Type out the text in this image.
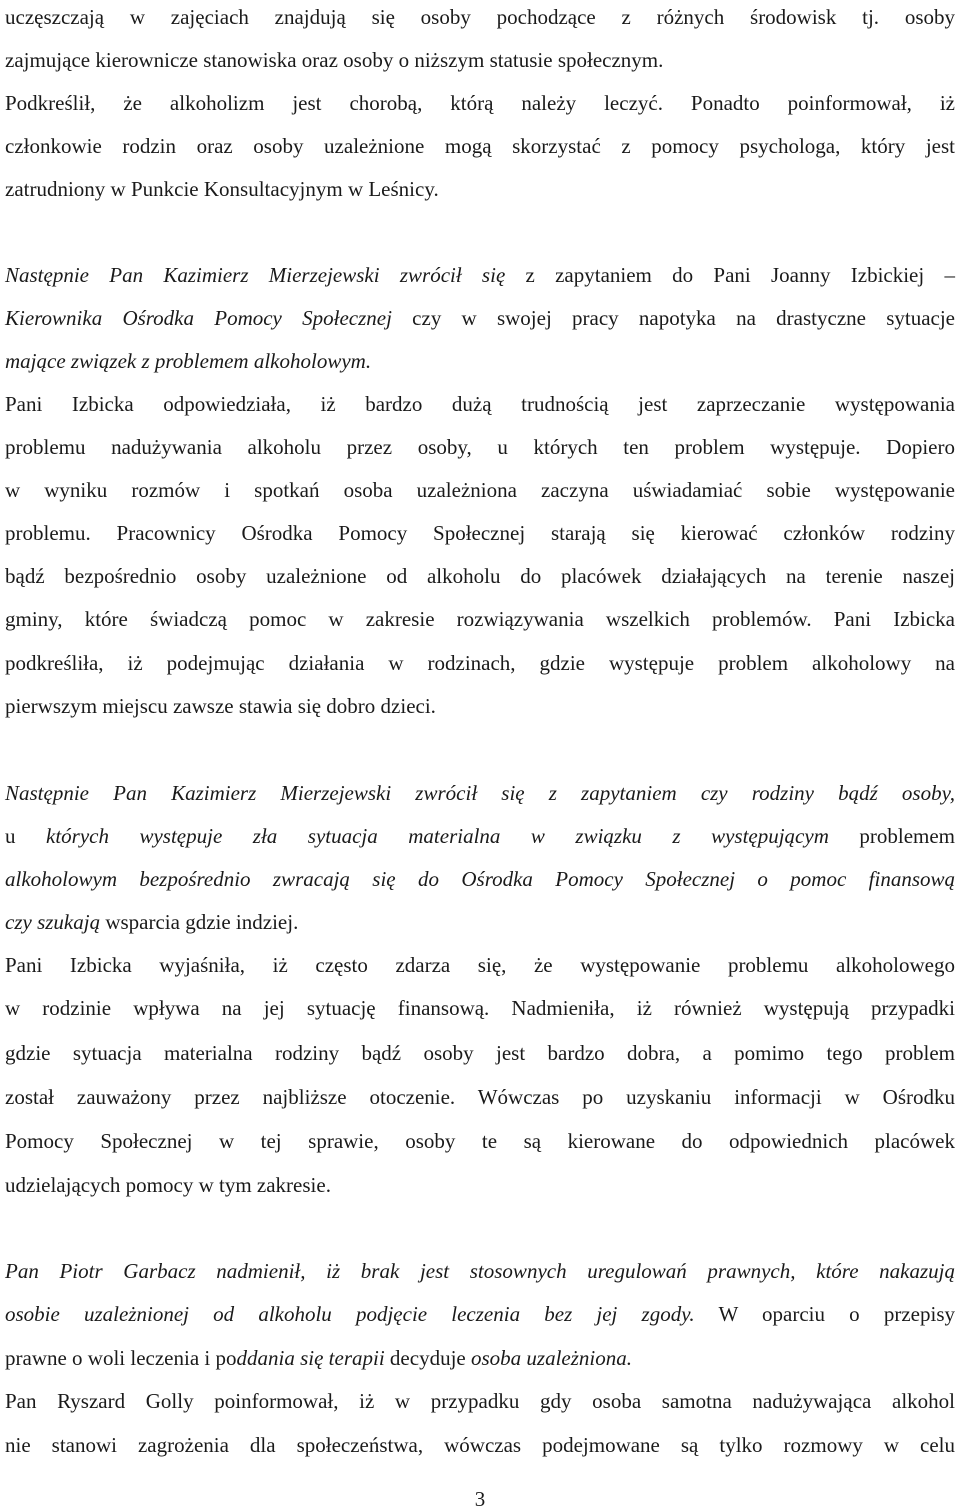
uczęszczają w zajęciach znajdują się osoby pochodzące z różnych środowisk tj. osoby
zajmujące kierownicze stanowiska oraz osoby o niższym statusie społecznym.
Podkreślił, że alkoholizm jest chorobą, którą należy leczyć. Ponadto poinformował, iż
członkowie rodzin oraz osoby uzależnione mogą skorzystać z pomocy psychologa, który jest
zatrudniony w Punkcie Konsultacyjnym w Leśnicy.
Następnie Pan Kazimierz Mierzejewski zwrócił się z zapytaniem do Pani Joanny Izbickiej –
Kierownika Ośrodka Pomocy Społecznej czy w swojej pracy napotyka na drastyczne sytuacje
mające związek z problemem alkoholowym.
Pani Izbicka odpowiedziała, iż bardzo dużą trudnością jest zaprzeczanie występowania
problemu nadużywania alkoholu przez osoby, u których ten problem występuje. Dopiero
w wyniku rozmów i spotkań osoba uzależniona zaczyna uświadamiać sobie występowanie
problemu. Pracownicy Ośrodka Pomocy Społecznej starają się kierować członków rodziny
bądź bezpośrednio osoby uzależnione od alkoholu do placówek działających na terenie naszej
gminy, które świadczą pomoc w zakresie rozwiązywania wszelkich problemów. Pani Izbicka
podkreśliła, iż podejmując działania w rodzinach, gdzie występuje problem alkoholowy na
pierwszym miejscu zawsze stawia się dobro dzieci.
Następnie Pan Kazimierz Mierzejewski zwrócił się z zapytaniem czy rodziny bądź osoby,
u których występuje zła sytuacja materialna w związku z występującym problemem
alkoholowym bezpośrednio zwracają się do Ośrodka Pomocy Społecznej o pomoc finansową
czy szukają wsparcia gdzie indziej.
Pani Izbicka wyjaśniła, iż często zdarza się, że występowanie problemu alkoholowego
w rodzinie wpływa na jej sytuację finansową. Nadmieniła, iż również występują przypadki
gdzie sytuacja materialna rodziny bądź osoby jest bardzo dobra, a pomimo tego problem
został zauważony przez najbliższe otoczenie. Wówczas po uzyskaniu informacji w Ośrodku
Pomocy Społecznej w tej sprawie, osoby te są kierowane do odpowiednich placówek
udzielających pomocy w tym zakresie.
Pan Piotr Garbacz nadmienił, iż brak jest stosownych uregulowań prawnych, które nakazują
osobie uzależnionej od alkoholu podjęcie leczenia bez jej zgody. W oparciu o przepisy
prawne o woli leczenia i poddania się terapii decyduje osoba uzależniona.
Pan Ryszard Golly poinformował, iż w przypadku gdy osoba samotna nadużywająca alkohol
nie stanowi zagrożenia dla społeczeństwa, wówczas podejmowane są tylko rozmowy w celu
3
